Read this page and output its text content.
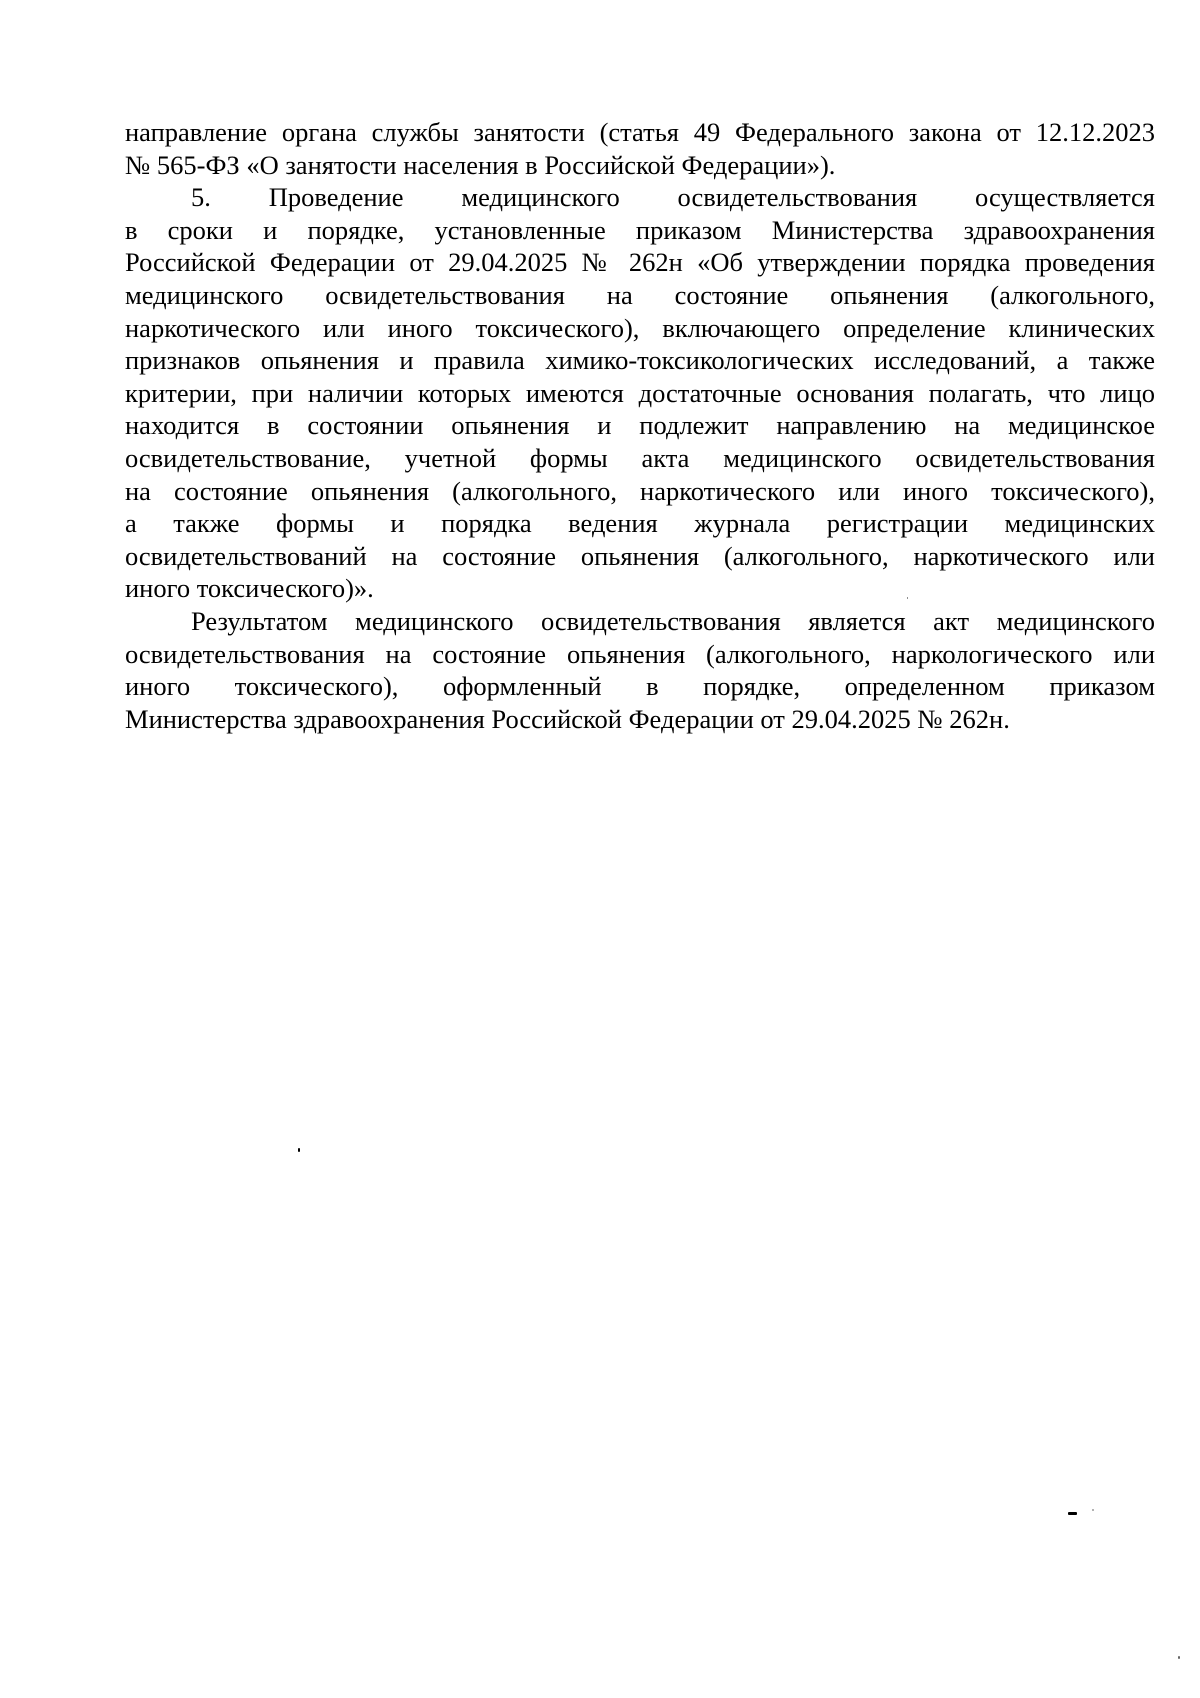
направление органа службы занятости (статья 49 Федерального закона от 12.12.2023
№ 565-ФЗ «О занятости населения в Российской Федерации»).
5. Проведение медицинского освидетельствования осуществляется
в сроки и порядке, установленные приказом Министерства здравоохранения
Российской Федерации от 29.04.2025 № 262н «Об утверждении порядка проведения
медицинского освидетельствования на состояние опьянения (алкогольного,
наркотического или иного токсического), включающего определение клинических
признаков опьянения и правила химико-токсикологических исследований, а также
критерии, при наличии которых имеются достаточные основания полагать, что лицо
находится в состоянии опьянения и подлежит направлению на медицинское
освидетельствование, учетной формы акта медицинского освидетельствования
на состояние опьянения (алкогольного, наркотического или иного токсического),
а также формы и порядка ведения журнала регистрации медицинских
освидетельствований на состояние опьянения (алкогольного, наркотического или
иного токсического)».
Результатом медицинского освидетельствования является акт медицинского
освидетельствования на состояние опьянения (алкогольного, наркологического или
иного токсического), оформленный в порядке, определенном приказом
Министерства здравоохранения Российской Федерации от 29.04.2025 № 262н.
